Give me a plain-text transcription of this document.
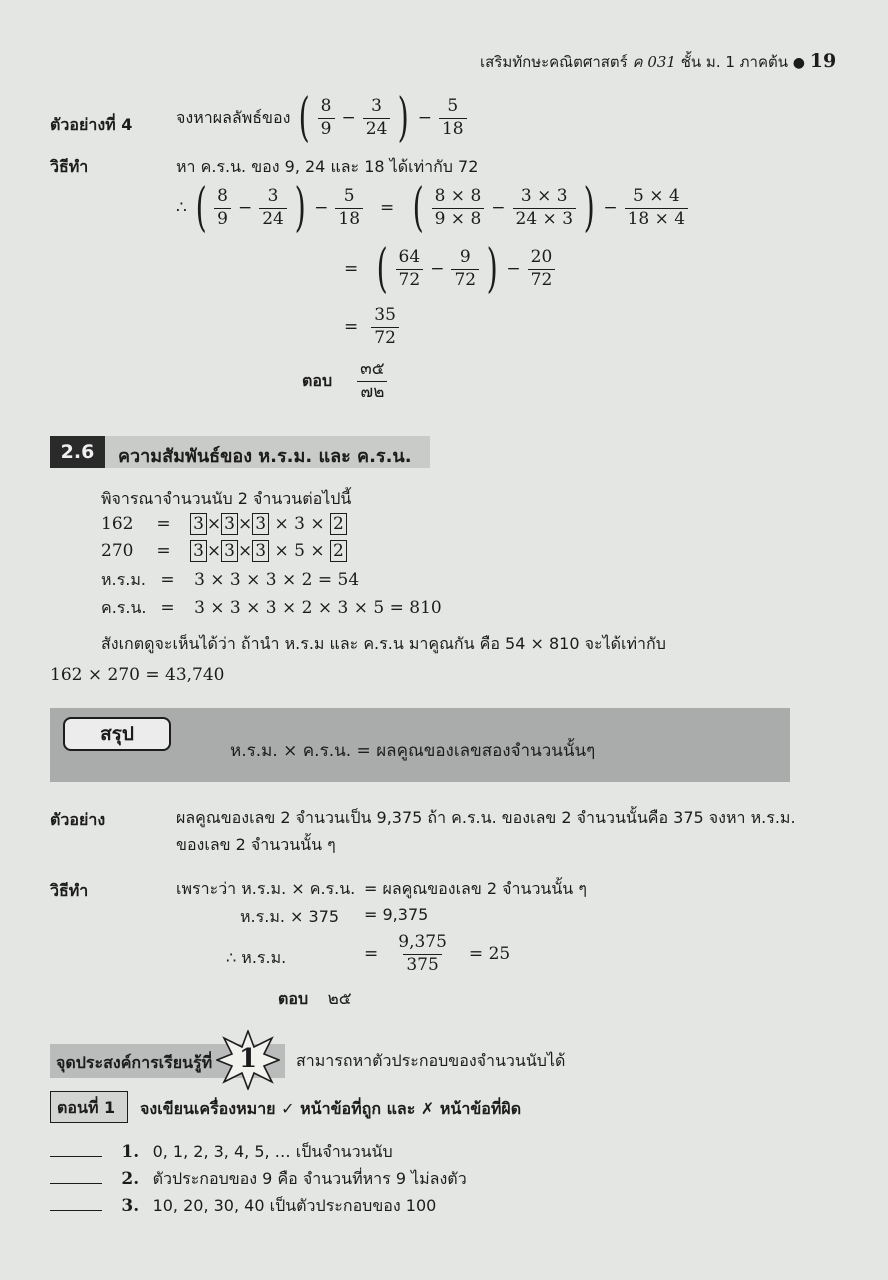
เสริมทักษะคณิตศาสตร์ ค 031 ชั้น ม. 1 ภาคต้น ● 19
ตัวอย่างที่ 4	จงหาผลลัพธ์ของ ( $\frac{8}{9} - \frac{3}{24}$ ) − $\frac{5}{18}$
วิธีทำ	หา ค.ร.น. ของ 9, 24 และ 18 ได้เท่ากับ 72
∴ ( $\frac{8}{9} - \frac{3}{24}$ ) − $\frac{5}{18}$ = ( $\frac{8 \times 8}{9 \times 8} - \frac{3 \times 3}{24 \times 3}$ ) − $\frac{5 \times 4}{18 \times 4}$
= ( $\frac{64}{72} - \frac{9}{72}$ ) − $\frac{20}{72}$
= $\frac{35}{72}$
ตอบ $\frac{๓๕}{๗๒}$
2.6	ความสัมพันธ์ของ ห.ร.ม. และ ค.ร.น.
พิจารณาจำนวนนับ 2 จำนวนต่อไปนี้
162 = 3 × 3 × 3 × 3 × 2
270 = 3 × 3 × 3 × 5 × 2
ห.ร.ม. = 3 × 3 × 3 × 2 = 54
ค.ร.น. = 3 × 3 × 3 × 2 × 3 × 5 = 810
สังเกตดูจะเห็นได้ว่า ถ้านำ ห.ร.ม และ ค.ร.น มาคูณกัน คือ 54 × 810 จะได้เท่ากับ
162 × 270 = 43,740
สรุป
ห.ร.ม. × ค.ร.น. = ผลคูณของเลขสองจำนวนนั้นๆ
ตัวอย่าง	ผลคูณของเลข 2 จำนวนเป็น 9,375 ถ้า ค.ร.น. ของเลข 2 จำนวนนั้นคือ 375 จงหา ห.ร.ม.
ของเลข 2 จำนวนนั้น ๆ
วิธีทำ	เพราะว่า ห.ร.ม. × ค.ร.น. = ผลคูณของเลข 2 จำนวนนั้น ๆ
ห.ร.ม. × 375 = 9,375
∴ ห.ร.ม.	= $\frac{9,375}{375} = 25$
ตอบ ๒๕
จุดประสงค์การเรียนรู้ที่ 1 สามารถหาตัวประกอบของจำนวนนับได้
ตอนที่ 1 จงเขียนเครื่องหมาย ✓ หน้าข้อที่ถูก และ ✗ หน้าข้อที่ผิด
1. 0, 1, 2, 3, 4, 5, … เป็นจำนวนนับ
2. ตัวประกอบของ 9 คือ จำนวนที่หาร 9 ไม่ลงตัว
3. 10, 20, 30, 40 เป็นตัวประกอบของ 100
